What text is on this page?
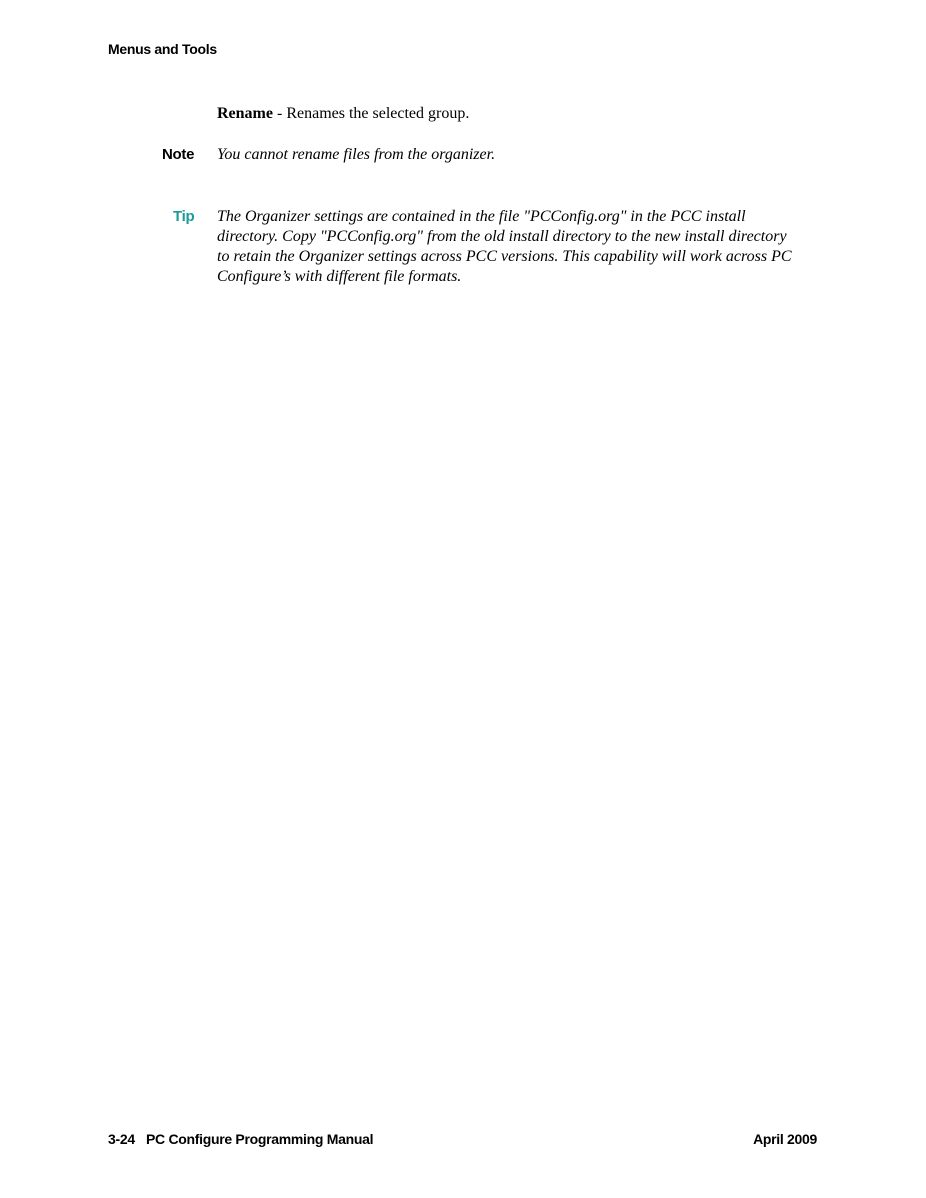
Menus and Tools
Rename - Renames the selected group.
Note You cannot rename files from the organizer.
Tip The Organizer settings are contained in the file "PCConfig.org" in the PCC install
directory. Copy "PCConfig.org" from the old install directory to the new install directory
to retain the Organizer settings across PCC versions. This capability will work across PC
Configure’s with different file formats.
3-24 PC Configure Programming Manual	April 2009
